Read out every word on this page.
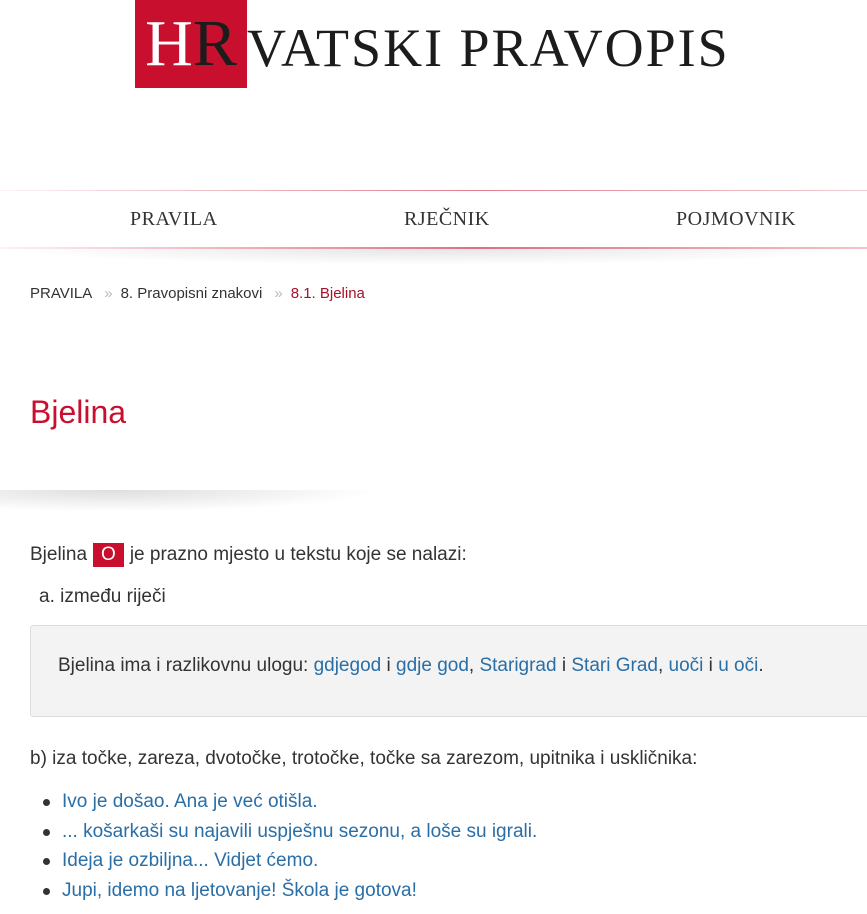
H R VATSKI PRAVOPIS
PRAVILA	RJEČNIK	POJMOVNIK
PRAVILA » 8. Pravopisni znakovi » 8.1. Bjelina
Bjelina
Bjelina O je prazno mjesto u tekstu koje se nalazi:
a. između riječi
Bjelina ima i razlikovnu ulogu: gdjegod i gdje god, Starigrad i Stari Grad, uoči i u oči.
b) iza točke, zareza, dvotočke, trotočke, točke sa zarezom, upitnika i uskličnika:
Ivo je došao. Ana je već otišla.
... košarkaši su najavili uspješnu sezonu, a loše su igrali.
Ideja je ozbiljna... Vidjet ćemo.
Jupi, idemo na ljetovanje! Škola je gotova!
